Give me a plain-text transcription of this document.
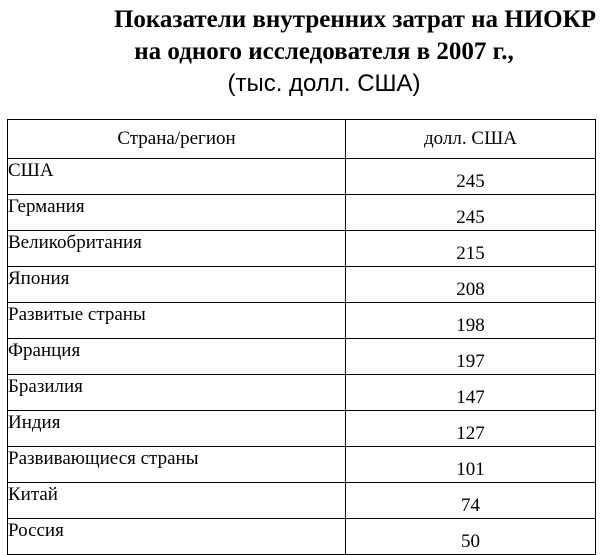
Показатели внутренних затрат на НИОКР
на одного исследователя в 2007 г.,
(тыс. долл. США)
Страна/регион	долл. США
США	245
Германия	245
Великобритания	215
Япония	208
Развитые страны	198
Франция	197
Бразилия	147
Индия	127
Развивающиеся страны	101
Китай	74
Россия	50
